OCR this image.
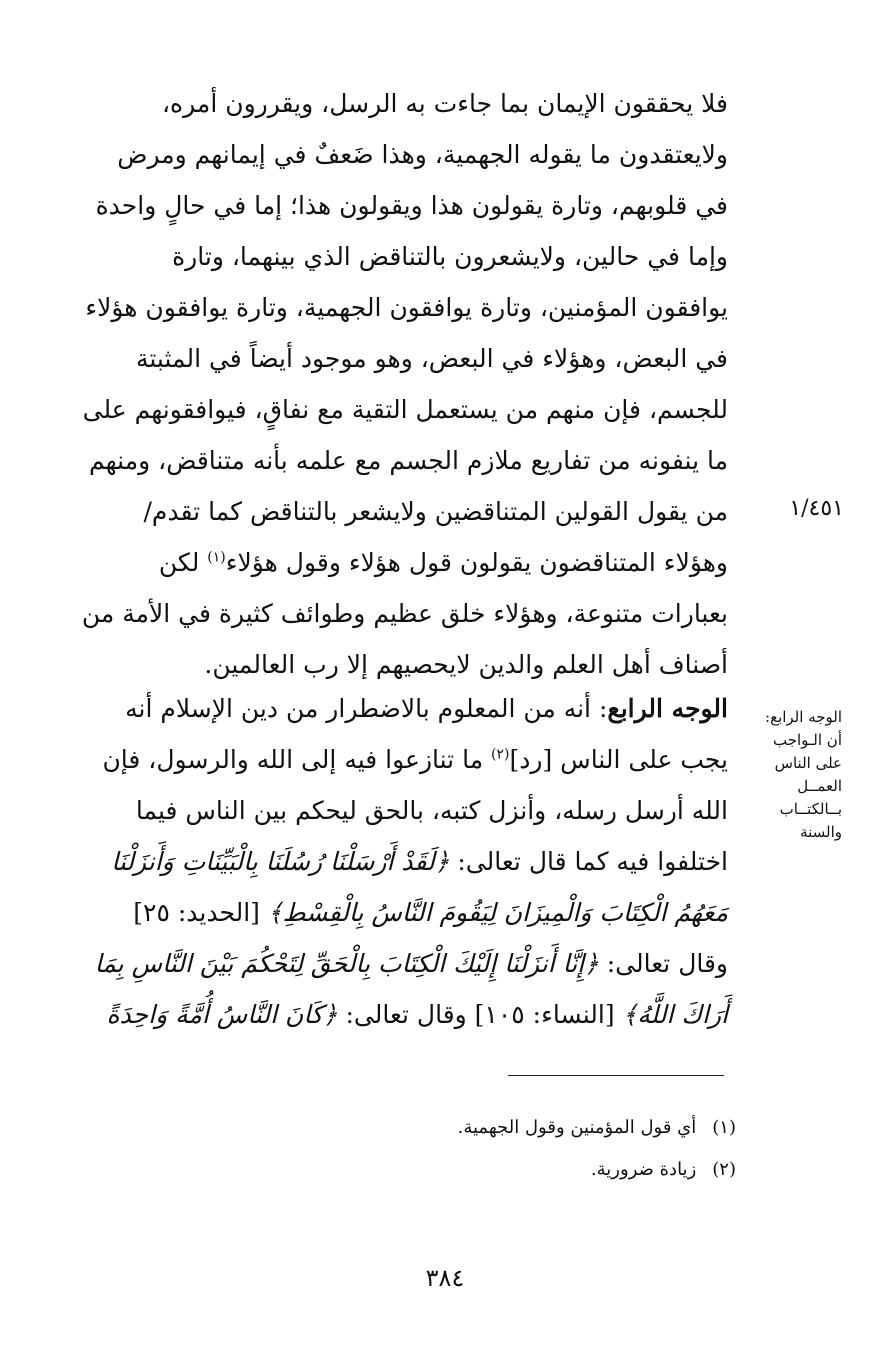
فلا يحققون الإيمان بما جاءت به الرسل، ويقررون أمره،
ولايعتقدون ما يقوله الجهمية، وهذا ضَعفٌ في إيمانهم ومرض
في قلوبهم، وتارة يقولون هذا ويقولون هذا؛ إما في حالٍ واحدة
وإما في حالين، ولايشعرون بالتناقض الذي بينهما، وتارة
يوافقون المؤمنين، وتارة يوافقون الجهمية، وتارة يوافقون هؤلاء
في البعض، وهؤلاء في البعض، وهو موجود أيضاً في المثبتة
للجسم، فإن منهم من يستعمل التقية مع نفاقٍ، فيوافقونهم على
ما ينفونه من تفاريع ملازم الجسم مع علمه بأنه متناقض، ومنهم
من يقول القولين المتناقضين ولايشعر بالتناقض كما تقدم/
وهؤلاء المتناقضون يقولون قول هؤلاء وقول هؤلاء$^{(١)}$ لكن
بعبارات متنوعة، وهؤلاء خلق عظيم وطوائف كثيرة في الأمة من
أصناف أهل العلم والدين لايحصيهم إلا رب العالمين.
١/٤٥١
الوجه الرابع:
أن الـواجب
على الناس
العمــل
بــالكتــاب
والسنة
الوجه الرابع: أنه من المعلوم بالاضطرار من دين الإسلام أنه
يجب على الناس [رد]$^{(٢)}$ ما تنازعوا فيه إلى الله والرسول، فإن
الله أرسل رسله، وأنزل كتبه، بالحق ليحكم بين الناس فيما
اختلفوا فيه كما قال تعالى: ﴿لَقَدْ أَرْسَلْنَا رُسُلَنَا بِالْبَيِّنَاتِ وَأَنزَلْنَا
مَعَهُمُ الْكِتَابَ وَالْمِيزَانَ لِيَقُومَ النَّاسُ بِالْقِسْطِ﴾ [الحديد: ٢٥]
وقال تعالى: ﴿إِنَّا أَنزَلْنَا إِلَيْكَ الْكِتَابَ بِالْحَقِّ لِتَحْكُمَ بَيْنَ النَّاسِ بِمَا
أَرَاكَ اللَّهُ﴾ [النساء: ١٠٥] وقال تعالى: ﴿كَانَ النَّاسُ أُمَّةً وَاحِدَةً
(١)أي قول المؤمنين وقول الجهمية.
(٢)زيادة ضرورية.
٣٨٤
